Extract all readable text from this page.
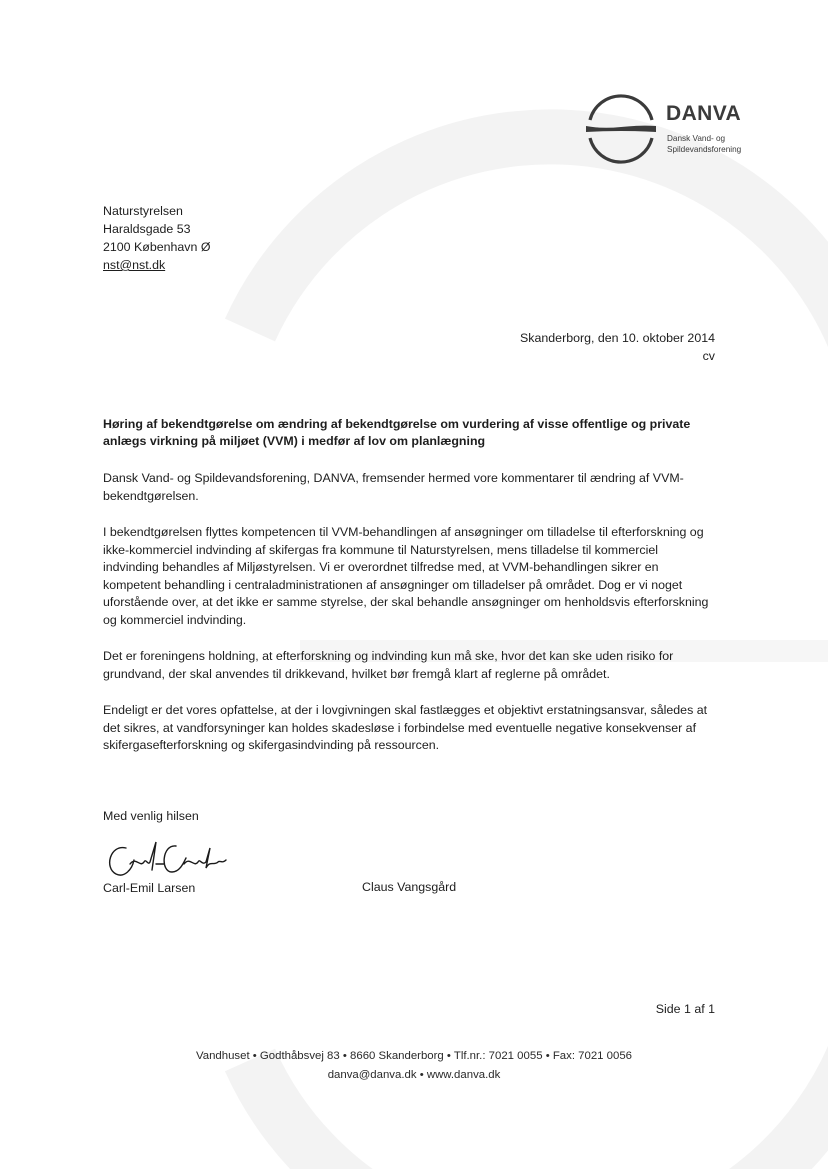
DANVA
Dansk Vand- og
Spildevandsforening
Naturstyrelsen
Haraldsgade 53
2100 København Ø
nst@nst.dk
Skanderborg, den 10. oktober 2014
cv
Høring af bekendtgørelse om ændring af bekendtgørelse om vurdering af visse offentlige og private anlægs virkning på miljøet (VVM) i medfør af lov om planlægning

Dansk Vand- og Spildevandsforening, DANVA, fremsender hermed vore kommentarer til ændring af VVM-bekendtgørelsen.

I bekendtgørelsen flyttes kompetencen til VVM-behandlingen af ansøgninger om tilladelse til efterforskning og ikke-kommerciel indvinding af skifergas fra kommune til Naturstyrelsen, mens tilladelse til kommerciel indvinding behandles af Miljøstyrelsen. Vi er overordnet tilfredse med, at VVM-behandlingen sikrer en kompetent behandling i centraladministrationen af ansøgninger om tilladelser på området. Dog er vi noget uforstående over, at det ikke er samme styrelse, der skal behandle ansøgninger om henholdsvis efterforskning og kommerciel indvinding.

Det er foreningens holdning, at efterforskning og indvinding kun må ske, hvor det kan ske uden risiko for grundvand, der skal anvendes til drikkevand, hvilket bør fremgå klart af reglerne på området.

Endeligt er det vores opfattelse, at der i lovgivningen skal fastlægges et objektivt erstatningsansvar, således at det sikres, at vandforsyninger kan holdes skadesløse i forbindelse med eventuelle negative konsekvenser af skifergasefterforskning og skifergasindvinding på ressourcen.

Med venlig hilsen
Carl-Emil Larsen	Claus Vangsgård
Side 1 af 1
Vandhuset • Godthåbsvej 83 • 8660 Skanderborg • Tlf.nr.: 7021 0055 • Fax: 7021 0056
danva@danva.dk • www.danva.dk
